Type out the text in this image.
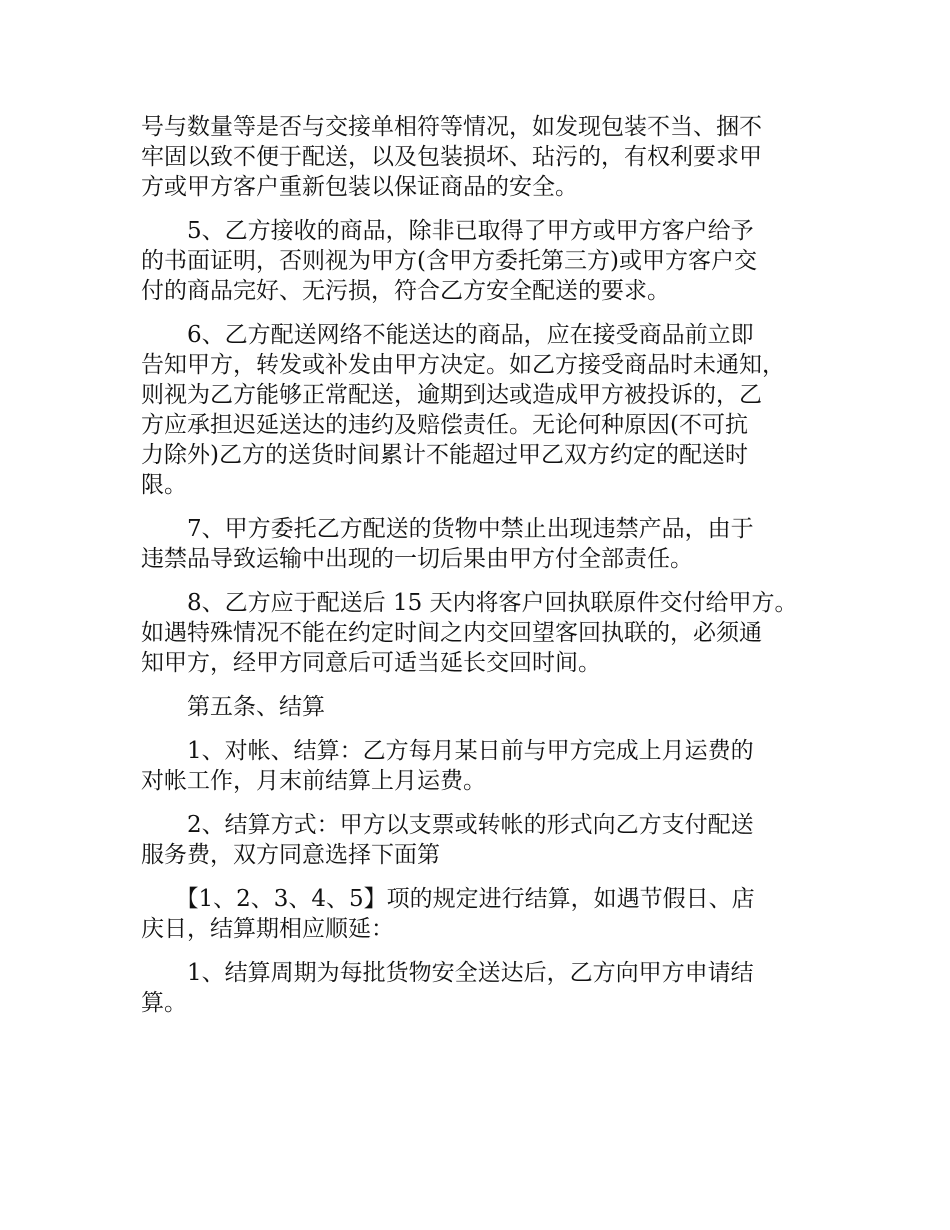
号与数量等是否与交接单相符等情况，如发现包装不当、捆不
牢固以致不便于配送，以及包装损坏、玷污的，有权利要求甲
方或甲方客户重新包装以保证商品的安全。

　　5、乙方接收的商品，除非已取得了甲方或甲方客户给予
的书面证明，否则视为甲方(含甲方委托第三方)或甲方客户交
付的商品完好、无污损，符合乙方安全配送的要求。

　　6、乙方配送网络不能送达的商品，应在接受商品前立即
告知甲方，转发或补发由甲方决定。如乙方接受商品时未通知，
则视为乙方能够正常配送，逾期到达或造成甲方被投诉的，乙
方应承担迟延送达的违约及赔偿责任。无论何种原因(不可抗
力除外)乙方的送货时间累计不能超过甲乙双方约定的配送时
限。

　　7、甲方委托乙方配送的货物中禁止出现违禁产品，由于
违禁品导致运输中出现的一切后果由甲方付全部责任。

　　8、乙方应于配送后 15 天内将客户回执联原件交付给甲方。
如遇特殊情况不能在约定时间之内交回望客回执联的，必须通
知甲方，经甲方同意后可适当延长交回时间。

　　第五条、结算

　　1、对帐、结算：乙方每月某日前与甲方完成上月运费的
对帐工作，月末前结算上月运费。

　　2、结算方式：甲方以支票或转帐的形式向乙方支付配送
服务费，双方同意选择下面第

　　【1、2、3、4、5】项的规定进行结算，如遇节假日、店
庆日，结算期相应顺延：

　　1、结算周期为每批货物安全送达后，乙方向甲方申请结
算。
